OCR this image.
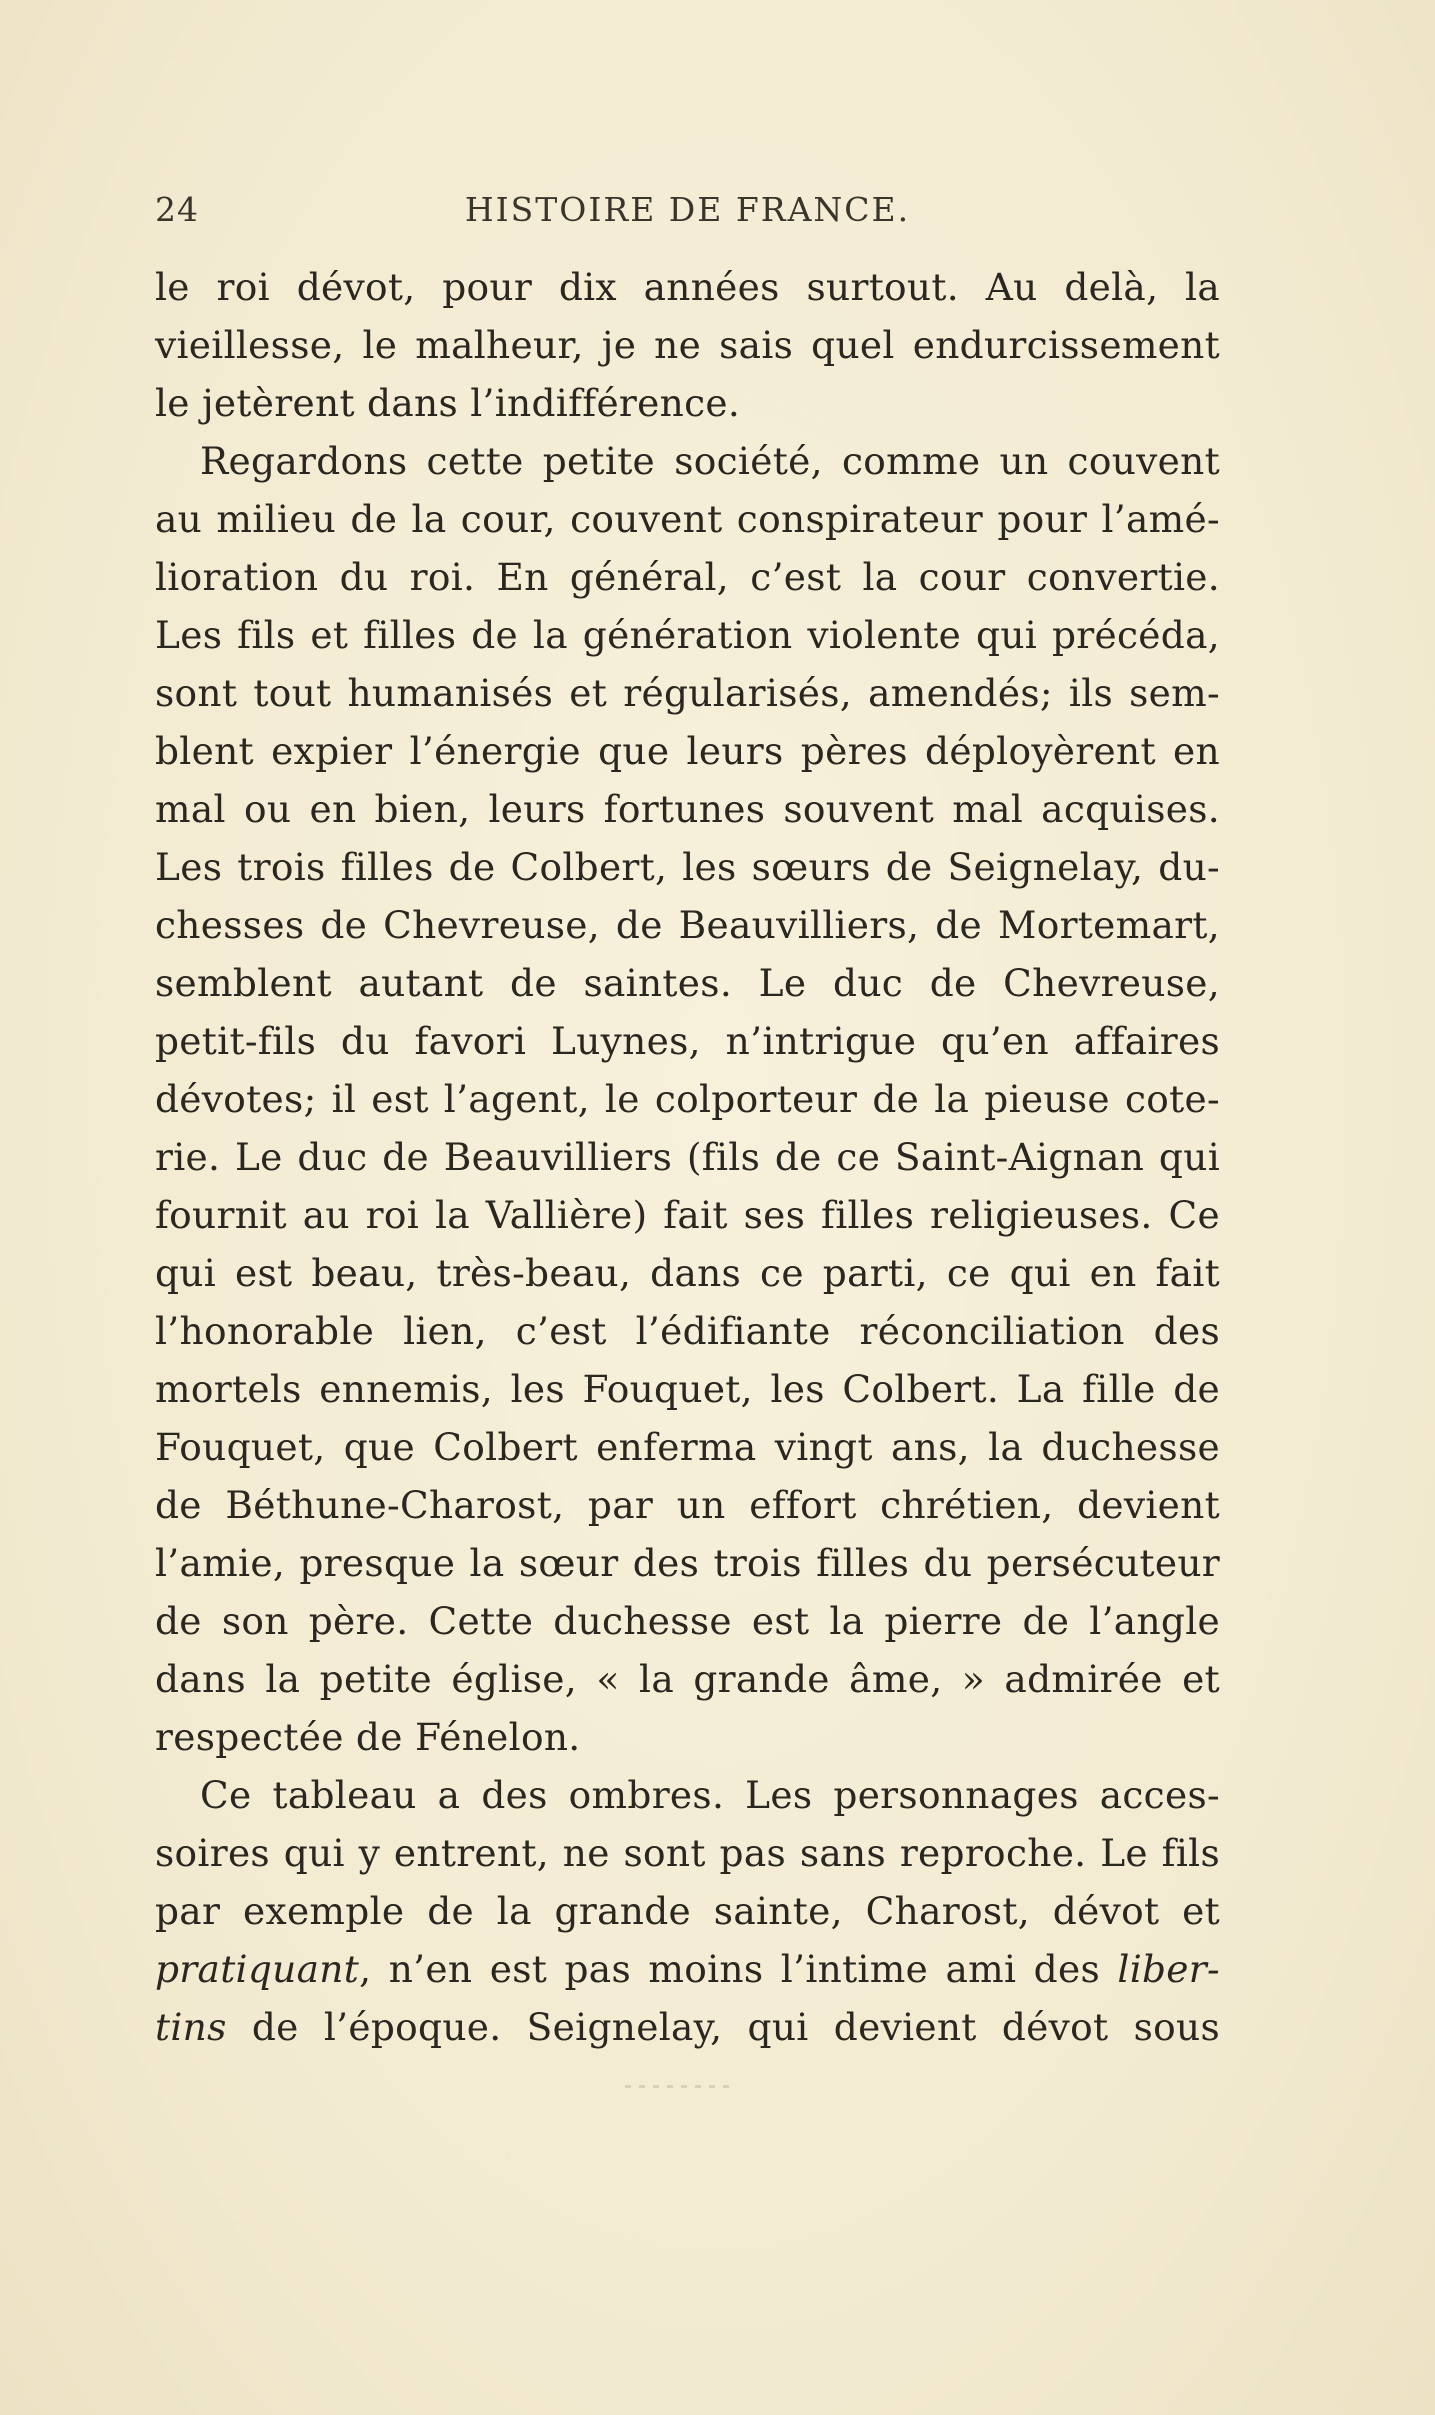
24	HISTOIRE DE FRANCE.
le roi dévot, pour dix années surtout. Au delà, la
vieillesse, le malheur, je ne sais quel endurcissement
le jetèrent dans l’indifférence.
Regardons cette petite société, comme un couvent
au milieu de la cour, couvent conspirateur pour l’amé-
lioration du roi. En général, c’est la cour convertie.
Les fils et filles de la génération violente qui précéda,
sont tout humanisés et régularisés, amendés; ils sem-
blent expier l’énergie que leurs pères déployèrent en
mal ou en bien, leurs fortunes souvent mal acquises.
Les trois filles de Colbert, les sœurs de Seignelay, du-
chesses de Chevreuse, de Beauvilliers, de Mortemart,
semblent autant de saintes. Le duc de Chevreuse,
petit-fils du favori Luynes, n’intrigue qu’en affaires
dévotes; il est l’agent, le colporteur de la pieuse cote-
rie. Le duc de Beauvilliers (fils de ce Saint-Aignan qui
fournit au roi la Vallière) fait ses filles religieuses. Ce
qui est beau, très-beau, dans ce parti, ce qui en fait
l’honorable lien, c’est l’édifiante réconciliation des
mortels ennemis, les Fouquet, les Colbert. La fille de
Fouquet, que Colbert enferma vingt ans, la duchesse
de Béthune-Charost, par un effort chrétien, devient
l’amie, presque la sœur des trois filles du persécuteur
de son père. Cette duchesse est la pierre de l’angle
dans la petite église, « la grande âme, » admirée et
respectée de Fénelon.
Ce tableau a des ombres. Les personnages acces-
soires qui y entrent, ne sont pas sans reproche. Le fils
par exemple de la grande sainte, Charost, dévot et
pratiquant, n’en est pas moins l’intime ami des liber-
tins de l’époque. Seignelay, qui devient dévot sous
